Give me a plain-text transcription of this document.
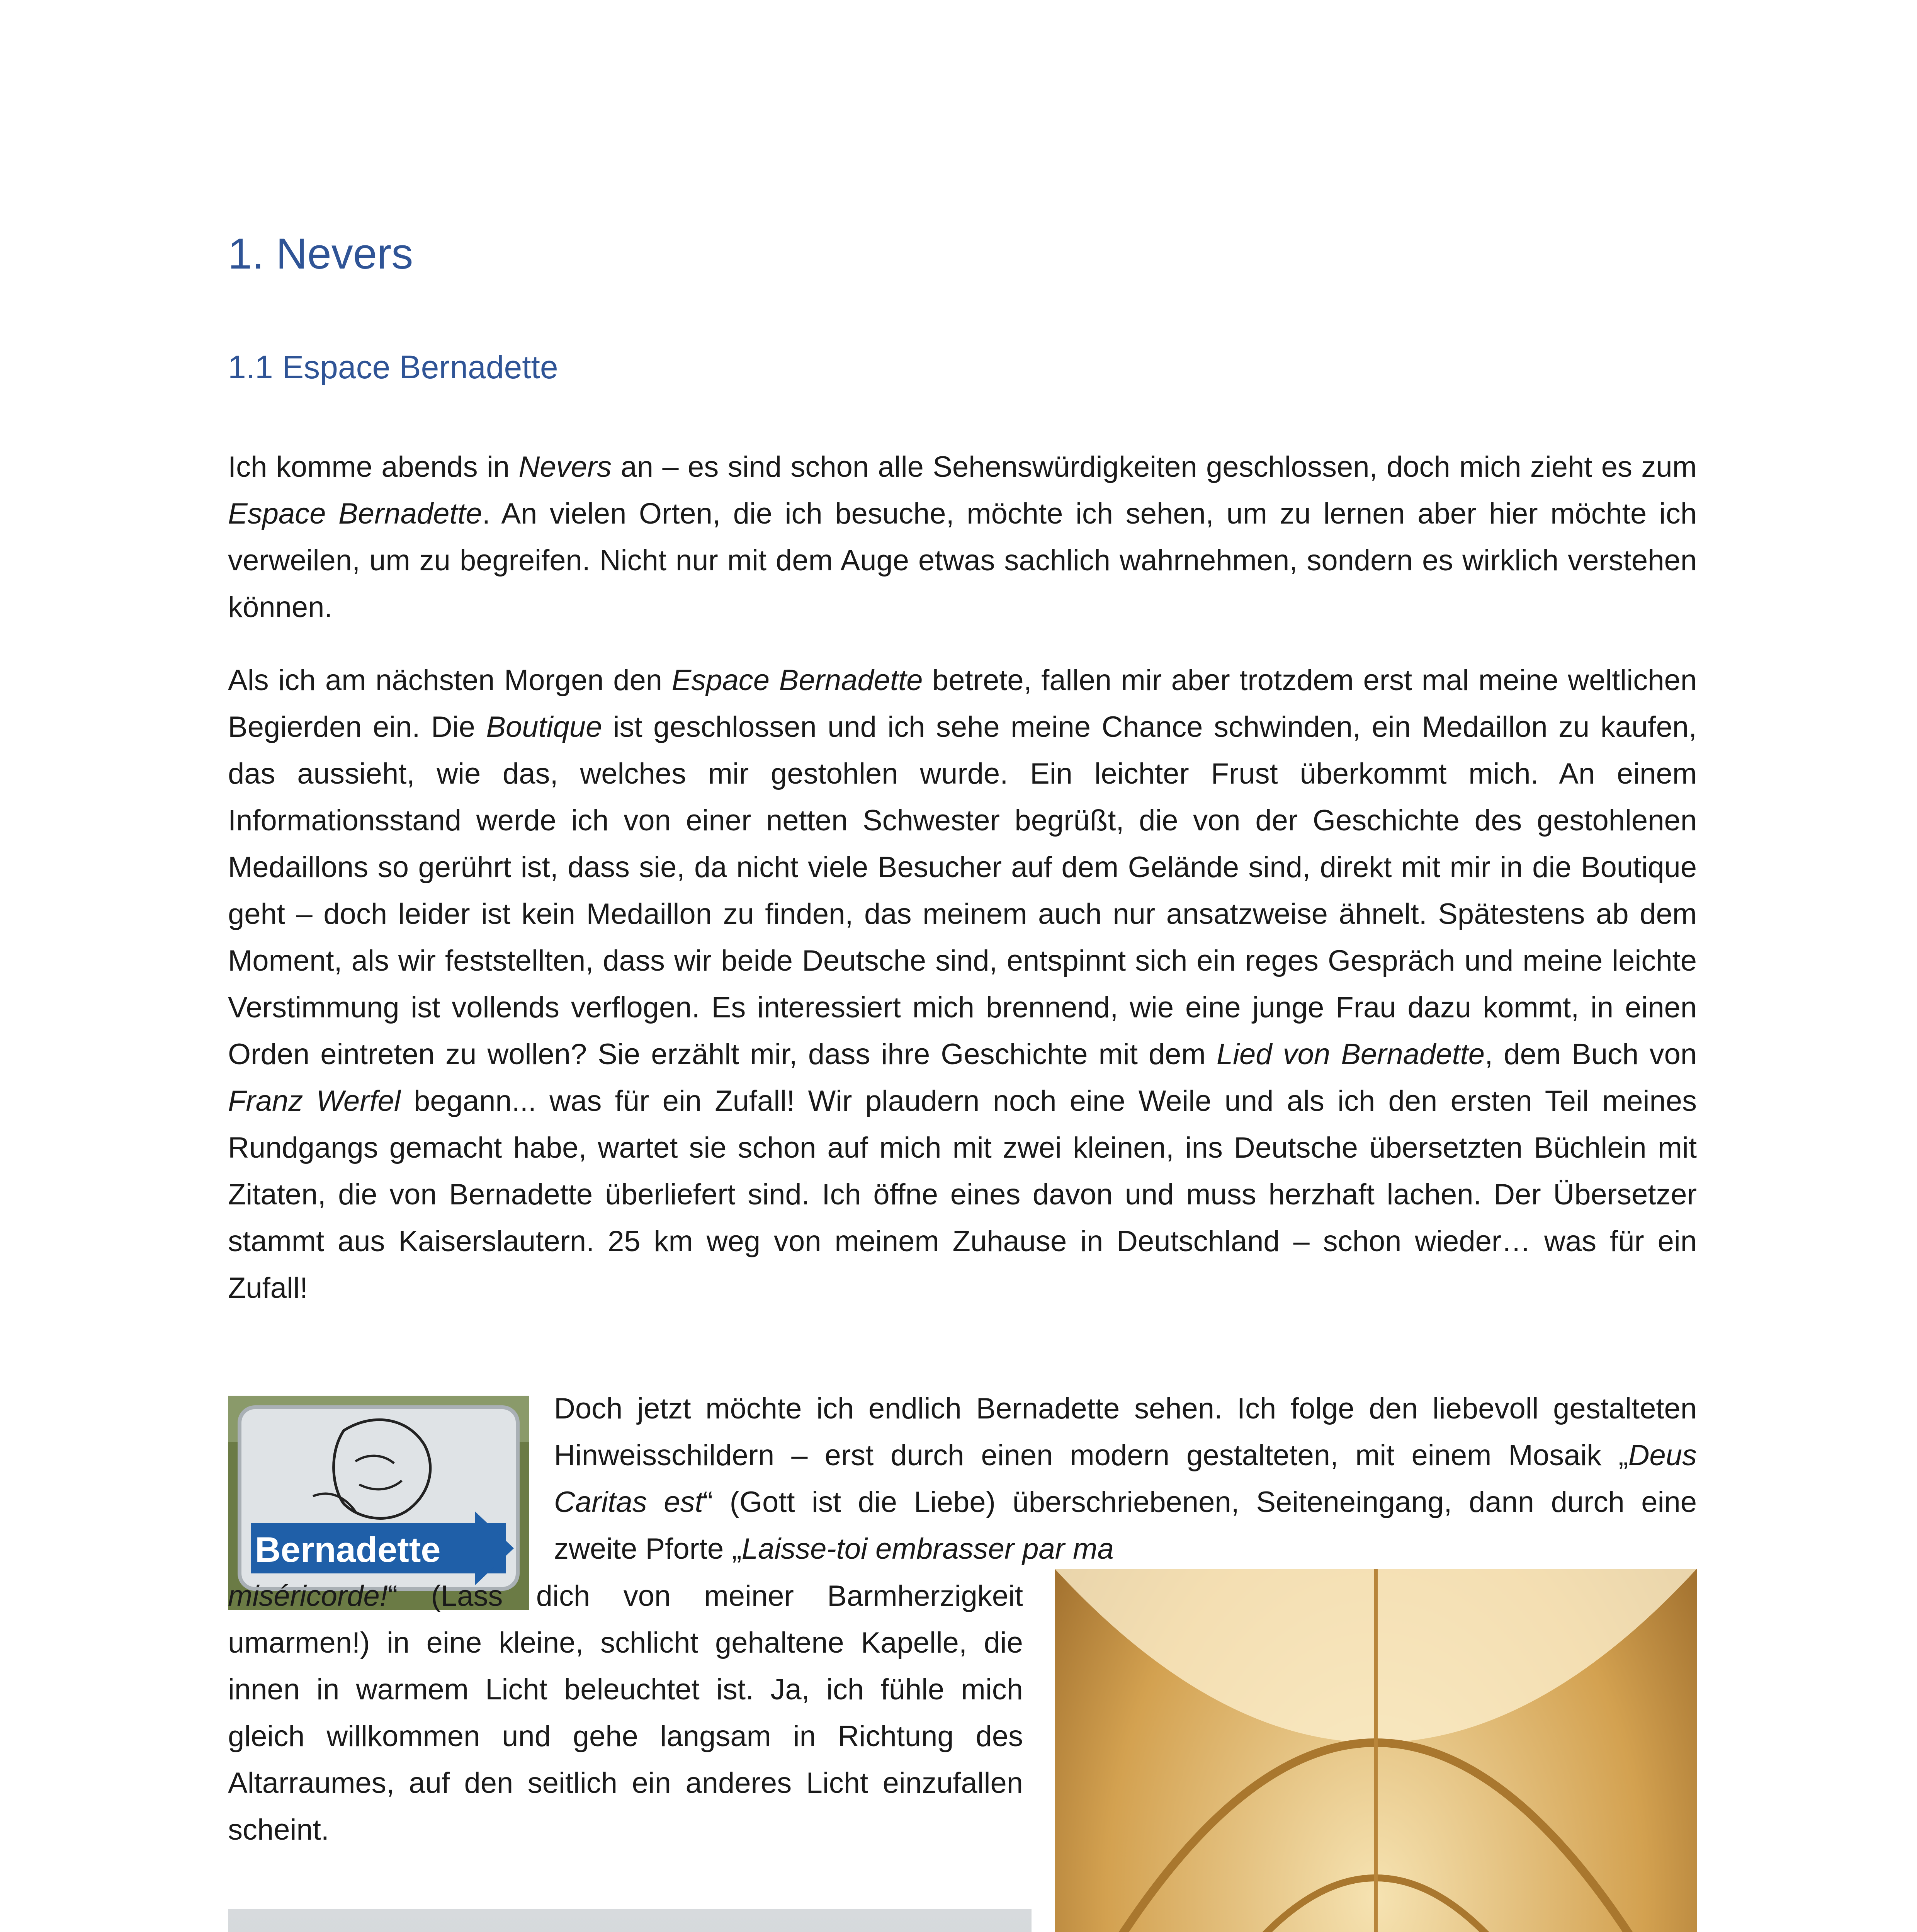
1. Nevers
1.1 Espace Bernadette

Ich komme abends in Nevers an – es sind schon alle Sehenswürdigkeiten geschlossen, doch mich zieht es zum Espace Bernadette. An vielen Orten, die ich besuche, möchte ich sehen, um zu lernen aber hier möchte ich verweilen, um zu begreifen. Nicht nur mit dem Auge etwas sachlich wahrnehmen, sondern es wirklich verstehen können.

Als ich am nächsten Morgen den Espace Bernadette betrete, fallen mir aber trotzdem erst mal meine weltlichen Begierden ein. Die Boutique ist geschlossen und ich sehe meine Chance schwinden, ein Medaillon zu kaufen, das aussieht, wie das, welches mir gestohlen wurde. Ein leichter Frust überkommt mich. An einem Informationsstand werde ich von einer netten Schwester begrüßt, die von der Geschichte des gestohlenen Medaillons so gerührt ist, dass sie, da nicht viele Besucher auf dem Gelände sind, direkt mit mir in die Boutique geht – doch leider ist kein Medaillon zu finden, das meinem auch nur ansatzweise ähnelt. Spätestens ab dem Moment, als wir feststellten, dass wir beide Deutsche sind, entspinnt sich ein reges Gespräch und meine leichte Verstimmung ist vollends verflogen. Es interessiert mich brennend, wie eine junge Frau dazu kommt, in einen Orden eintreten zu wollen? Sie erzählt mir, dass ihre Geschichte mit dem Lied von Bernadette, dem Buch von Franz Werfel begann... was für ein Zufall! Wir plaudern noch eine Weile und als ich den ersten Teil meines Rundgangs gemacht habe, wartet sie schon auf mich mit zwei kleinen, ins Deutsche übersetzten Büchlein mit Zitaten, die von Bernadette überliefert sind. Ich öffne eines davon und muss herzhaft lachen. Der Übersetzer stammt aus Kaiserslautern. 25 km weg von meinem Zuhause in Deutschland – schon wieder… was für ein Zufall!

Bernadette

Doch jetzt möchte ich endlich Bernadette sehen. Ich folge den liebevoll gestalteten Hinweisschildern – erst durch einen modern gestalteten, mit einem Mosaik „Deus Caritas est“ (Gott ist die Liebe) überschriebenen, Seiteneingang, dann durch eine zweite Pforte „Laisse-toi embrasser par ma

miséricorde!“ (Lass dich von meiner Barmherzigkeit umarmen!) in eine kleine, schlicht gehaltene Kapelle, die innen in warmem Licht beleuchtet ist. Ja, ich fühle mich gleich willkommen und gehe langsam in Richtung des Altarraumes, auf den seitlich ein anderes Licht einzufallen scheint.
